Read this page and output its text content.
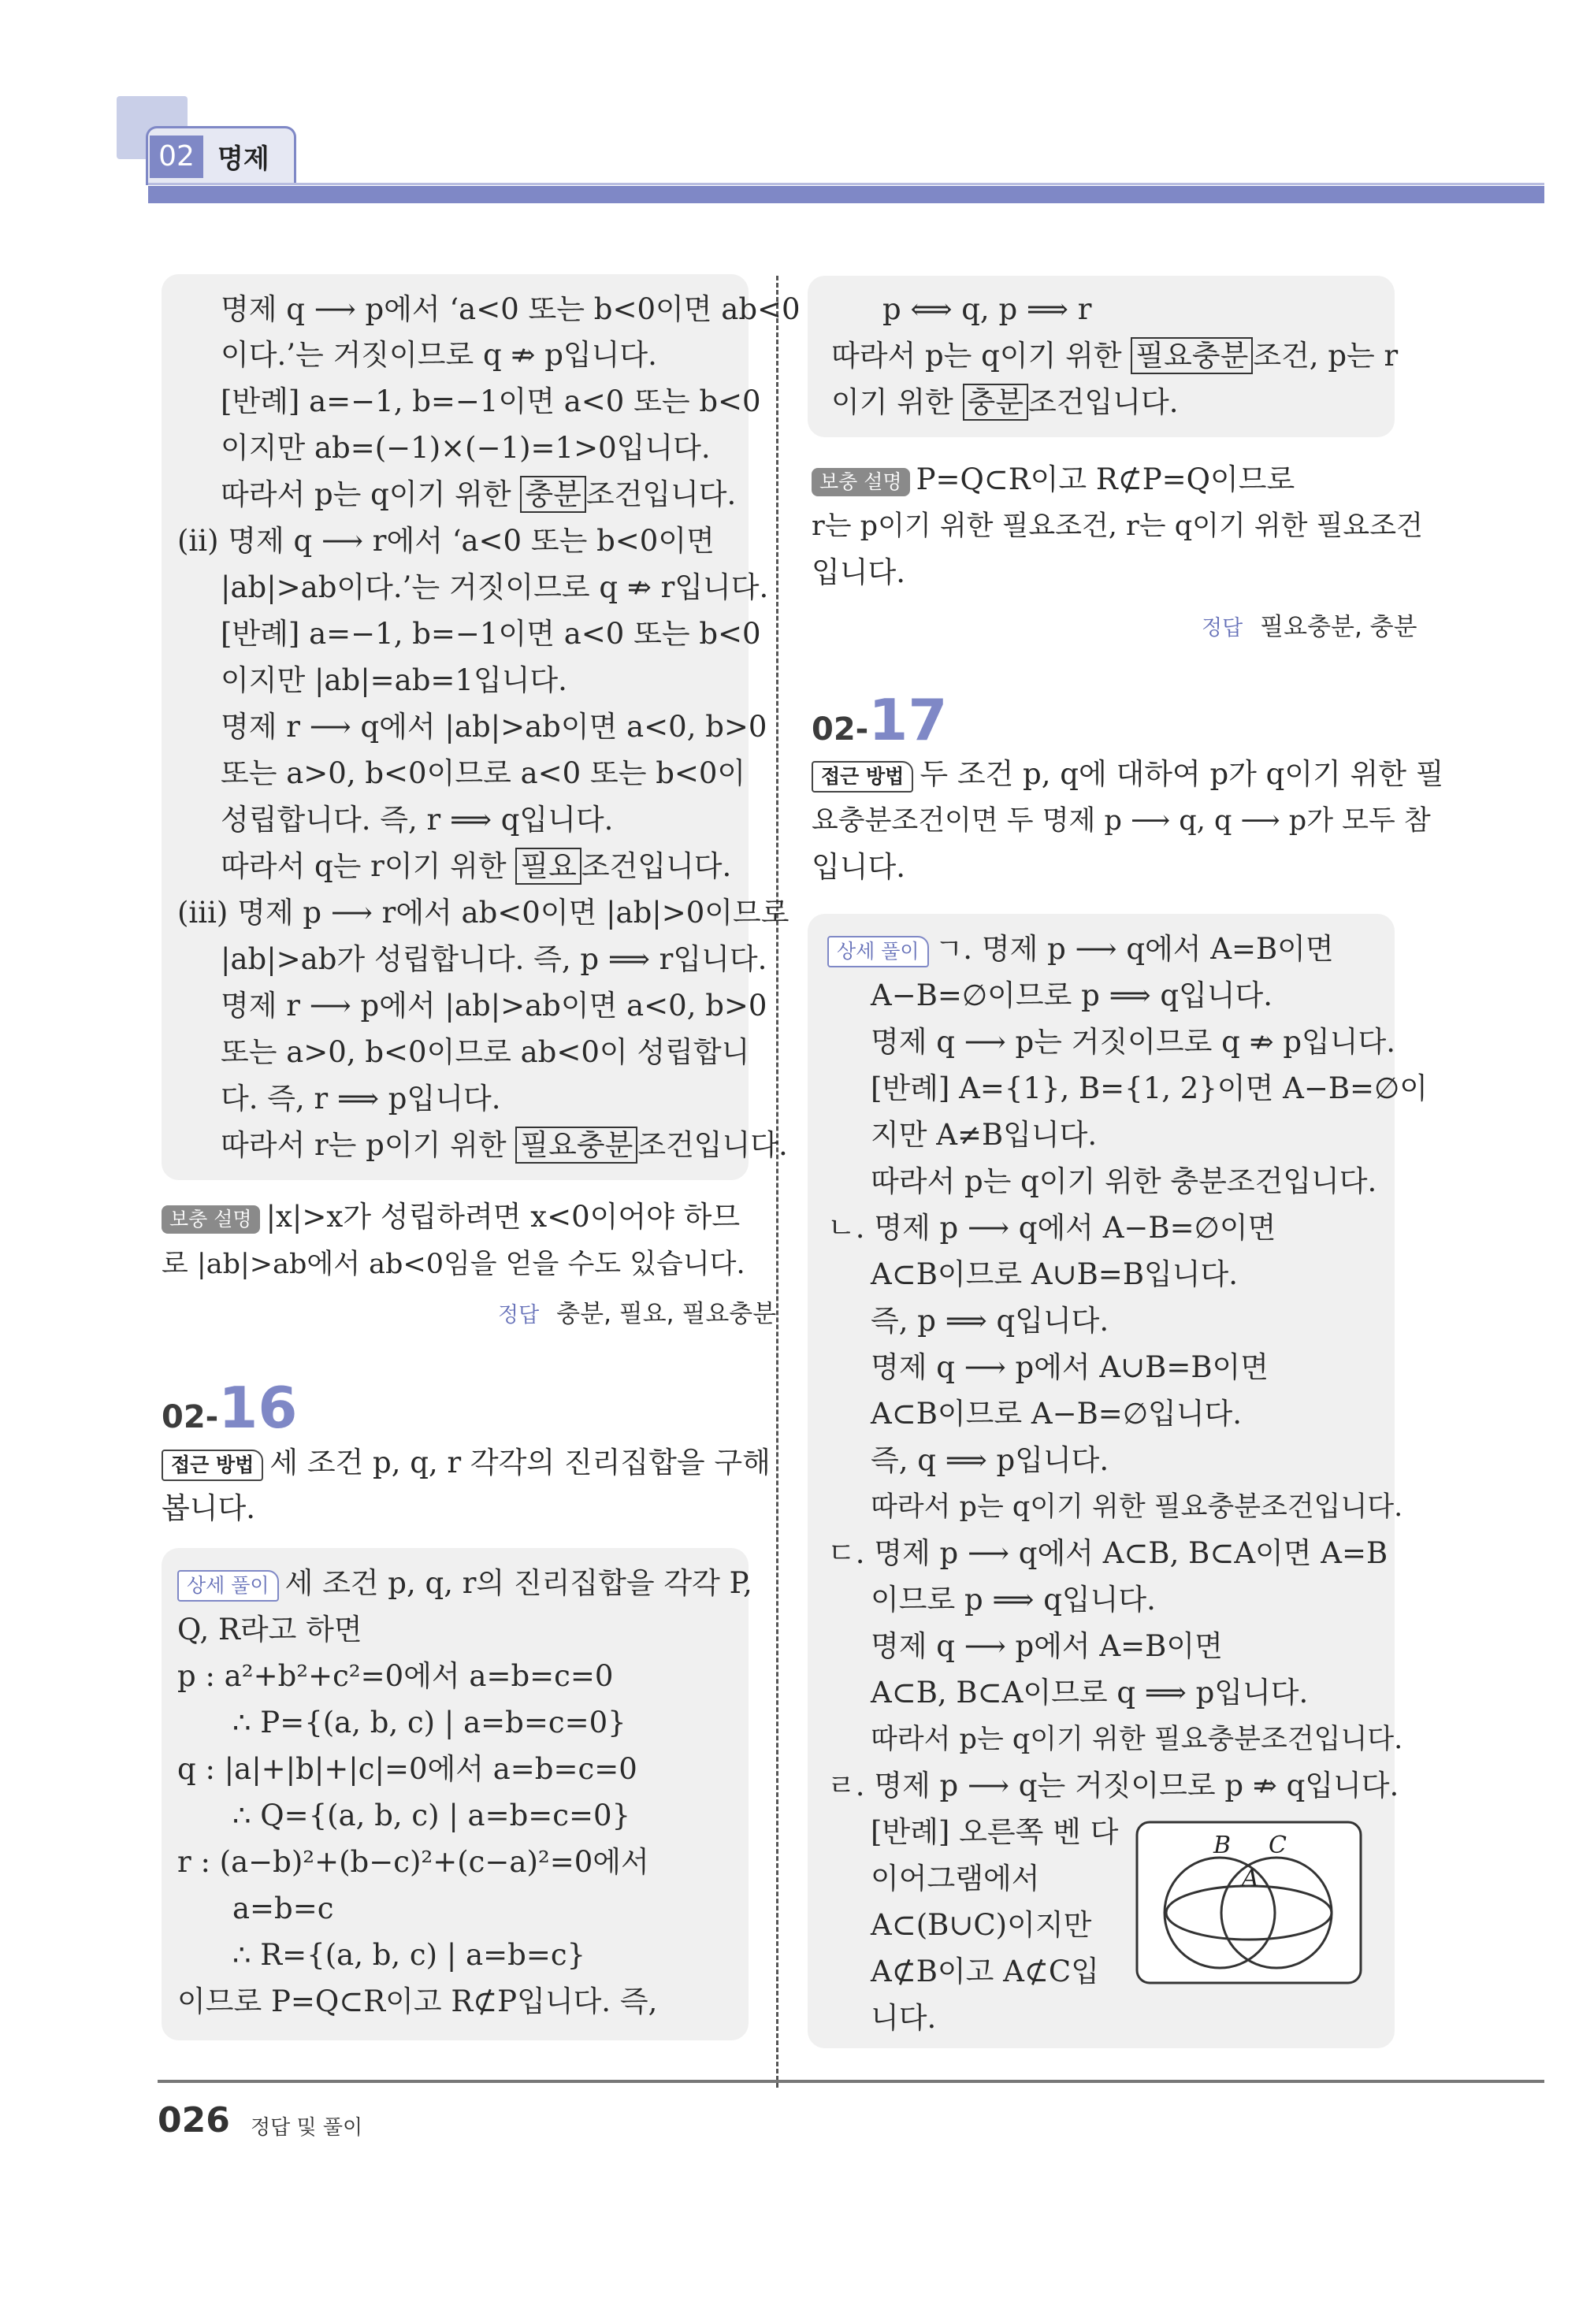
02 명제
명제 q ⟶ p에서 ‘a<0 또는 b<0이면 ab<0
이다.’는 거짓이므로 q ⇏ p입니다.
[반례] a=−1, b=−1이면 a<0 또는 b<0
이지만 ab=(−1)×(−1)=1>0입니다.
따라서 p는 q이기 위한 충분 조건입니다.
(ii) 명제 q ⟶ r에서 ‘a<0 또는 b<0이면
|ab|>ab이다.’는 거짓이므로 q ⇏ r입니다.
[반례] a=−1, b=−1이면 a<0 또는 b<0
이지만 |ab|=ab=1입니다.
명제 r ⟶ q에서 |ab|>ab이면 a<0, b>0
또는 a>0, b<0이므로 a<0 또는 b<0이
성립합니다. 즉, r ⟹ q입니다.
따라서 q는 r이기 위한 필요 조건입니다.
(iii) 명제 p ⟶ r에서 ab<0이면 |ab|>0이므로
|ab|>ab가 성립합니다. 즉, p ⟹ r입니다.
명제 r ⟶ p에서 |ab|>ab이면 a<0, b>0
또는 a>0, b<0이므로 ab<0이 성립합니
다. 즉, r ⟹ p입니다.
따라서 r는 p이기 위한 필요충분 조건입니다.
보충 설명 |x|>x가 성립하려면 x<0이어야 하므
로 |ab|>ab에서 ab<0임을 얻을 수도 있습니다.
정답 충분, 필요, 필요충분
02-16
접근 방법 세 조건 p, q, r 각각의 진리집합을 구해
봅니다.
상세 풀이 세 조건 p, q, r의 진리집합을 각각 P,
Q, R라고 하면
p : a²+b²+c²=0에서 a=b=c=0
∴ P={(a, b, c) | a=b=c=0}
q : |a|+|b|+|c|=0에서 a=b=c=0
∴ Q={(a, b, c) | a=b=c=0}
r : (a−b)²+(b−c)²+(c−a)²=0에서
a=b=c
∴ R={(a, b, c) | a=b=c}
이므로 P=Q⊂R이고 R⊄P입니다. 즉,
p ⟺ q, p ⟹ r
따라서 p는 q이기 위한 필요충분 조건, p는 r
이기 위한 충분 조건입니다.
보충 설명 P=Q⊂R이고 R⊄P=Q이므로
r는 p이기 위한 필요조건, r는 q이기 위한 필요조건
입니다.
정답 필요충분, 충분
02-17
접근 방법 두 조건 p, q에 대하여 p가 q이기 위한 필
요충분조건이면 두 명제 p ⟶ q, q ⟶ p가 모두 참
입니다.
상세 풀이 ㄱ. 명제 p ⟶ q에서 A=B이면
A−B=∅이므로 p ⟹ q입니다.
명제 q ⟶ p는 거짓이므로 q ⇏ p입니다.
[반례] A={1}, B={1, 2}이면 A−B=∅이
지만 A≠B입니다.
따라서 p는 q이기 위한 충분조건입니다.
ㄴ. 명제 p ⟶ q에서 A−B=∅이면
A⊂B이므로 A∪B=B입니다.
즉, p ⟹ q입니다.
명제 q ⟶ p에서 A∪B=B이면
A⊂B이므로 A−B=∅입니다.
즉, q ⟹ p입니다.
따라서 p는 q이기 위한 필요충분조건입니다.
ㄷ. 명제 p ⟶ q에서 A⊂B, B⊂A이면 A=B
이므로 p ⟹ q입니다.
명제 q ⟶ p에서 A=B이면
A⊂B, B⊂A이므로 q ⟹ p입니다.
따라서 p는 q이기 위한 필요충분조건입니다.
ㄹ. 명제 p ⟶ q는 거짓이므로 p ⇏ q입니다.
[반례] 오른쪽 벤 다
이어그램에서
A⊂(B∪C)이지만
A⊄B이고 A⊄C입
니다.
B C
A
026 정답 및 풀이
